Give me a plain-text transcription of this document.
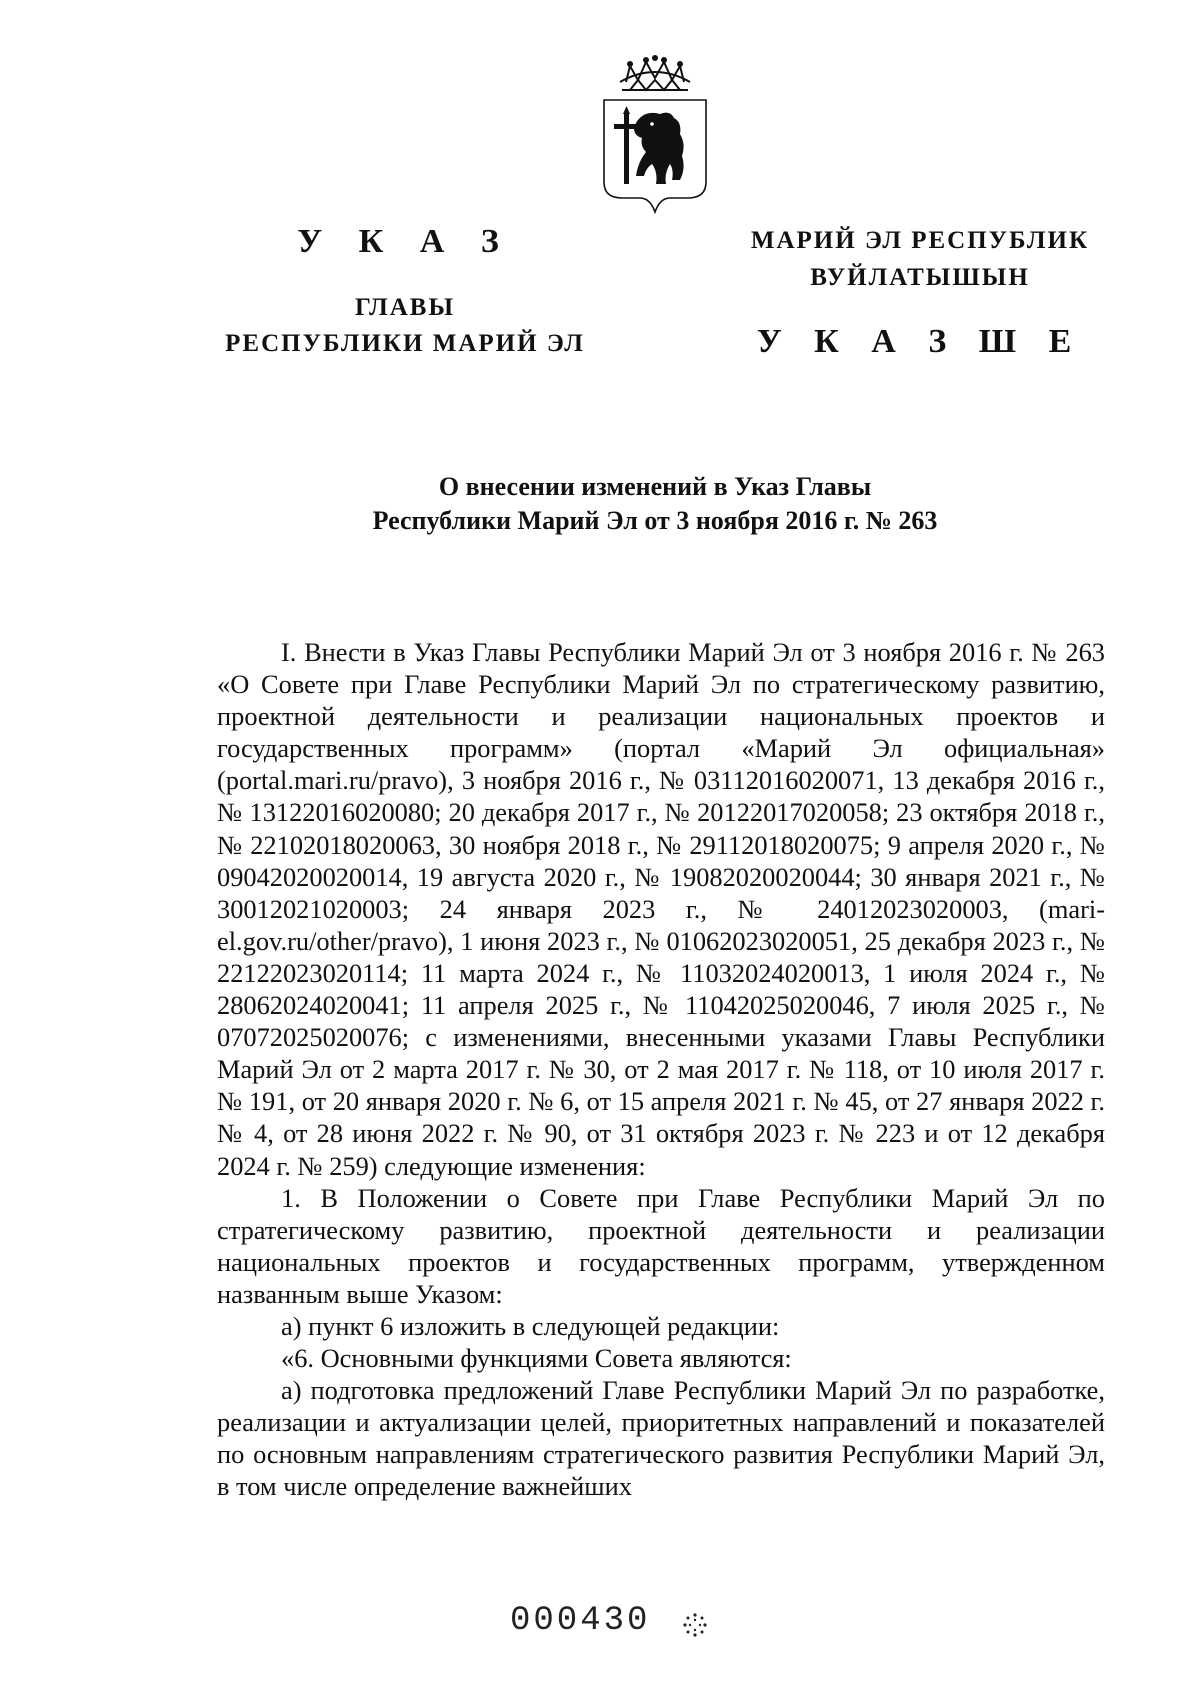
У К А З
ГЛАВЫ
РЕСПУБЛИКИ МАРИЙ ЭЛ
МАРИЙ ЭЛ РЕСПУБЛИК
ВУЙЛАТЫШЫН
У К А З Ш Е
О внесении изменений в Указ Главы
Республики Марий Эл от 3 ноября 2016 г. № 263

I. Внести в Указ Главы Республики Марий Эл от 3 ноября 2016 г. № 263 «О Совете при Главе Республики Марий Эл по стратегическому развитию, проектной деятельности и реализации национальных проектов и государственных программ» (портал «Марий Эл официальная» (portal.mari.ru/pravo), 3 ноября 2016 г., № 03112016020071, 13 декабря 2016 г., № 13122016020080; 20 декабря 2017 г., № 20122017020058; 23 октября 2018 г., № 22102018020063, 30 ноября 2018 г., № 29112018020075; 9 апреля 2020 г., № 09042020020014, 19 августа 2020 г., № 19082020020044; 30 января 2021 г., № 30012021020003; 24 января 2023 г., № 24012023020003, (mari-el.gov.ru/other/pravo), 1 июня 2023 г., № 01062023020051, 25 декабря 2023 г., № 22122023020114; 11 марта 2024 г., № 11032024020013, 1 июля 2024 г., № 28062024020041; 11 апреля 2025 г., № 11042025020046, 7 июля 2025 г., № 07072025020076; с изменениями, внесенными указами Главы Республики Марий Эл от 2 марта 2017 г. № 30, от 2 мая 2017 г. № 118, от 10 июля 2017 г. № 191, от 20 января 2020 г. № 6, от 15 апреля 2021 г. № 45, от 27 января 2022 г. № 4, от 28 июня 2022 г. № 90, от 31 октября 2023 г. № 223 и от 12 декабря 2024 г. № 259) следующие изменения:

1. В Положении о Совете при Главе Республики Марий Эл по стратегическому развитию, проектной деятельности и реализации национальных проектов и государственных программ, утвержденном названным выше Указом:

а) пункт 6 изложить в следующей редакции:

«6. Основными функциями Совета являются:

а) подготовка предложений Главе Республики Марий Эл по разработке, реализации и актуализации целей, приоритетных направлений и показателей по основным направлениям стратегического развития Республики Марий Эл, в том числе определение важнейших

000430
